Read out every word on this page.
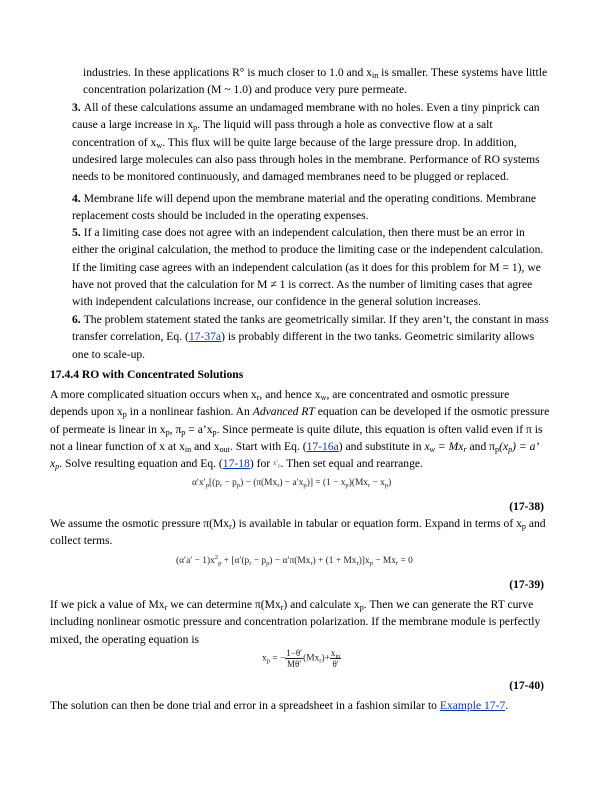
industries. In these applications R° is much closer to 1.0 and $x_{in}$ is smaller. These systems have little concentration polarization (M ~ 1.0) and produce very pure permeate.

3. All of these calculations assume an undamaged membrane with no holes. Even a tiny pinprick can cause a large increase in $x_p$. The liquid will pass through a hole as convective flow at a salt concentration of $x_w$. This flux will be quite large because of the large pressure drop. In addition, undesired large molecules can also pass through holes in the membrane. Performance of RO systems needs to be monitored continuously, and damaged membranes need to be plugged or replaced.

4. Membrane life will depend upon the membrane material and the operating conditions. Membrane replacement costs should be included in the operating expenses.

5. If a limiting case does not agree with an independent calculation, then there must be an error in either the original calculation, the method to produce the limiting case or the independent calculation. If the limiting case agrees with an independent calculation (as it does for this problem for M = 1), we have not proved that the calculation for M ≠ 1 is correct. As the number of limiting cases that agree with independent calculations increase, our confidence in the general solution increases.

6. The problem statement stated the tanks are geometrically similar. If they aren’t, the constant in mass transfer correlation, Eq. (17-37a) is probably different in the two tanks. Geometric similarity allows one to scale-up.

17.4.4 RO with Concentrated Solutions

A more complicated situation occurs when $x_r$, and hence $x_w$, are concentrated and osmotic pressure depends upon $x_p$ in a nonlinear fashion. An Advanced RT equation can be developed if the osmotic pressure of permeate is linear in $x_p$, $\pi_p$ = $a’x_p$. Since permeate is quite dilute, this equation is often valid even if π is not a linear function of x at $x_{in}$ and $x_{out}$. Start with Eq. (17-16a) and substitute in $x_w = Mx_r$ and $\pi_p(x_p) = a$’ $x_p$. Solve resulting equation and Eq. (17-18) for $x'_p$. Then set equal and rearrange.

$\alpha'x'_p[(p_r - p_p) - (\pi(Mx_r) - a'x_p)] = (1 - x_p)(Mx_r - x_p)$
(17-38)

We assume the osmotic pressure $\pi(Mx_r)$ is available in tabular or equation form. Expand in terms of $x_p$ and collect terms.

$(\alpha'a' - 1)x^2_p + [\alpha'(p_r - p_p) - \alpha'\pi(Mx_r) + (1 + Mx_r)]x_p - Mx_r = 0$
(17-39)

If we pick a value of $Mx_r$ we can determine $\pi(Mx_r)$ and calculate $x_p$. Then we can generate the RT curve including nonlinear osmotic pressure and concentration polarization. If the membrane module is perfectly mixed, the operating equation is

$x_p$ = − $\frac{1-\theta'}{M\theta'} (Mx_r)+ \frac{x_{in}}{\theta'}$
(17-40)

The solution can then be done trial and error in a spreadsheet in a fashion similar to Example 17-7.
